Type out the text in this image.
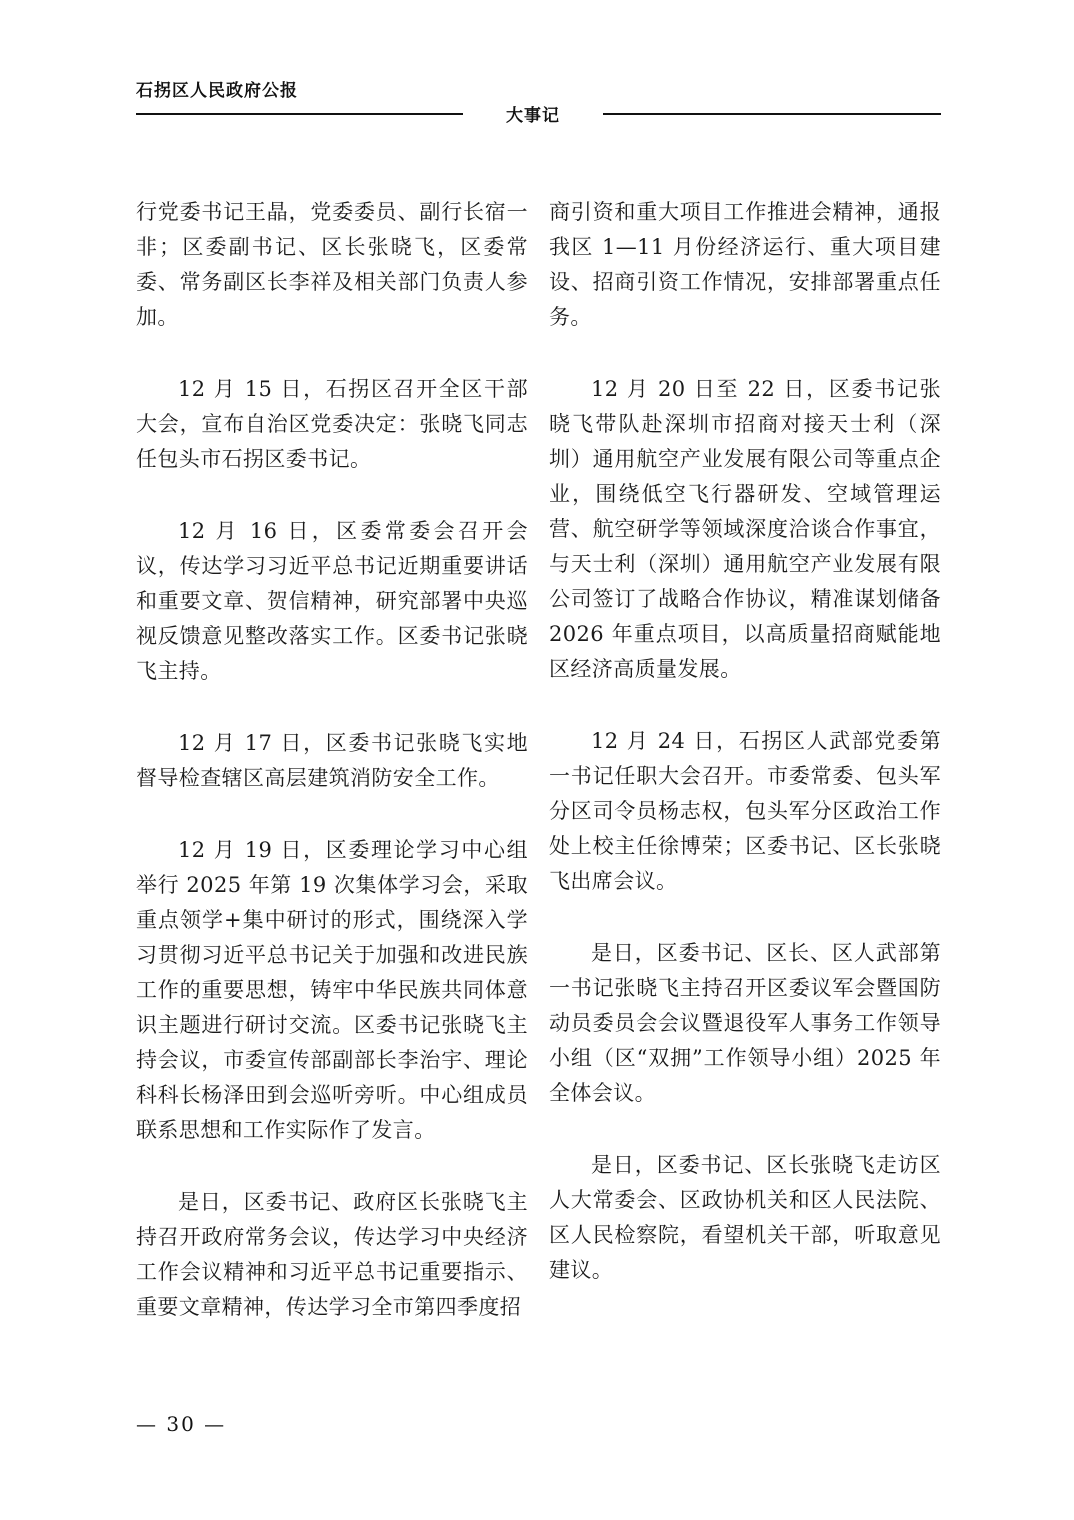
石拐区人民政府公报
大事记

行党委书记王晶，党委委员、副行长宿一非；区委副书记、区长张晓飞，区委常委、常务副区长李祥及相关部门负责人参加。

12 月 15 日，石拐区召开全区干部大会，宣布自治区党委决定：张晓飞同志任包头市石拐区委书记。

12 月 16 日，区委常委会召开会议，传达学习习近平总书记近期重要讲话和重要文章、贺信精神，研究部署中央巡视反馈意见整改落实工作。区委书记张晓飞主持。

12 月 17 日，区委书记张晓飞实地督导检查辖区高层建筑消防安全工作。

12 月 19 日，区委理论学习中心组举行 2025 年第 19 次集体学习会，采取重点领学+集中研讨的形式，围绕深入学习贯彻习近平总书记关于加强和改进民族工作的重要思想，铸牢中华民族共同体意识主题进行研讨交流。区委书记张晓飞主持会议，市委宣传部副部长李治宇、理论科科长杨泽田到会巡听旁听。中心组成员联系思想和工作实际作了发言。

是日，区委书记、政府区长张晓飞主持召开政府常务会议，传达学习中央经济工作会议精神和习近平总书记重要指示、重要文章精神，传达学习全市第四季度招

商引资和重大项目工作推进会精神，通报我区 1—11 月份经济运行、重大项目建设、招商引资工作情况，安排部署重点任务。

12 月 20 日至 22 日，区委书记张晓飞带队赴深圳市招商对接天士利（深圳）通用航空产业发展有限公司等重点企业，围绕低空飞行器研发、空域管理运营、航空研学等领域深度洽谈合作事宜，与天士利（深圳）通用航空产业发展有限公司签订了战略合作协议，精准谋划储备 2026 年重点项目，以高质量招商赋能地区经济高质量发展。

12 月 24 日，石拐区人武部党委第一书记任职大会召开。市委常委、包头军分区司令员杨志权，包头军分区政治工作处上校主任徐博荣；区委书记、区长张晓飞出席会议。

是日，区委书记、区长、区人武部第一书记张晓飞主持召开区委议军会暨国防动员委员会会议暨退役军人事务工作领导小组（区“双拥”工作领导小组）2025 年全体会议。

是日，区委书记、区长张晓飞走访区人大常委会、区政协机关和区人民法院、区人民检察院，看望机关干部，听取意见建议。

— 30 —
